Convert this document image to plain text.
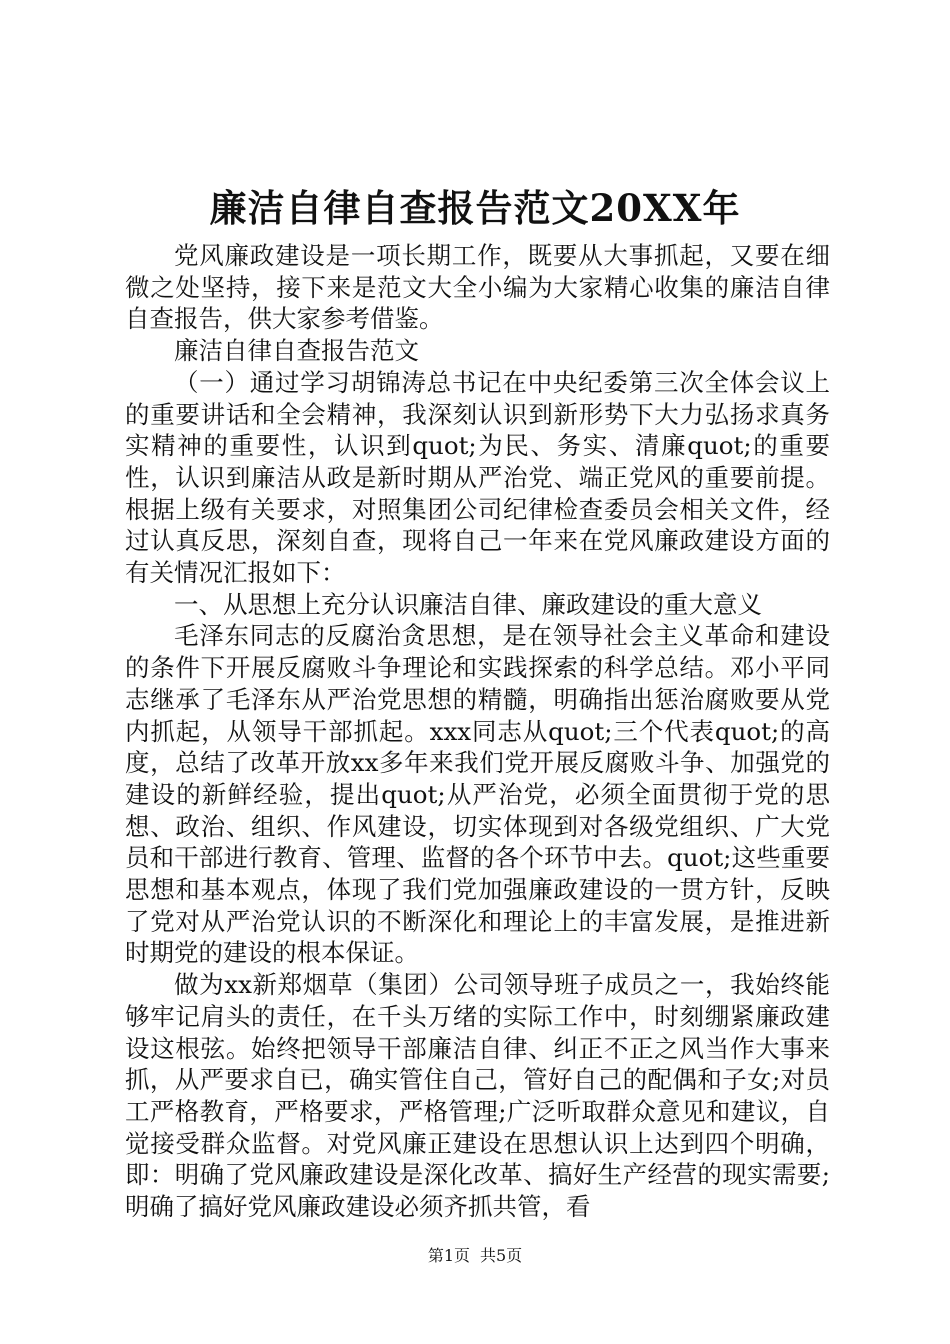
廉洁自律自查报告范文20XX年

党风廉政建设是一项长期工作，既要从大事抓起，又要在细微之处坚持，接下来是范文大全小编为大家精心收集的廉洁自律自查报告，供大家参考借鉴。

廉洁自律自查报告范文

（一）通过学习胡锦涛总书记在中央纪委第三次全体会议上的重要讲话和全会精神，我深刻认识到新形势下大力弘扬求真务实精神的重要性，认识到quot;为民、务实、清廉quot;的重要性，认识到廉洁从政是新时期从严治党、端正党风的重要前提。根据上级有关要求，对照集团公司纪律检查委员会相关文件，经过认真反思，深刻自查，现将自己一年来在党风廉政建设方面的有关情况汇报如下：

一、从思想上充分认识廉洁自律、廉政建设的重大意义

毛泽东同志的反腐治贪思想，是在领导社会主义革命和建设的条件下开展反腐败斗争理论和实践探索的科学总结。邓小平同志继承了毛泽东从严治党思想的精髓，明确指出惩治腐败要从党内抓起，从领导干部抓起。xxx同志从quot;三个代表quot;的高度，总结了改革开放xx多年来我们党开展反腐败斗争、加强党的建设的新鲜经验，提出quot;从严治党，必须全面贯彻于党的思想、政治、组织、作风建设，切实体现到对各级党组织、广大党员和干部进行教育、管理、监督的各个环节中去。quot;这些重要思想和基本观点，体现了我们党加强廉政建设的一贯方针，反映了党对从严治党认识的不断深化和理论上的丰富发展，是推进新时期党的建设的根本保证。

做为xx新郑烟草（集团）公司领导班子成员之一，我始终能够牢记肩头的责任，在千头万绪的实际工作中，时刻绷紧廉政建设这根弦。始终把领导干部廉洁自律、纠正不正之风当作大事来抓，从严要求自已，确实管住自己，管好自己的配偶和子女;对员工严格教育，严格要求，严格管理;广泛听取群众意见和建议，自觉接受群众监督。对党风廉正建设在思想认识上达到四个明确，即：明确了党风廉政建设是深化改革、搞好生产经营的现实需要;明确了搞好党风廉政建设必须齐抓共管，看

第1页 共5页
